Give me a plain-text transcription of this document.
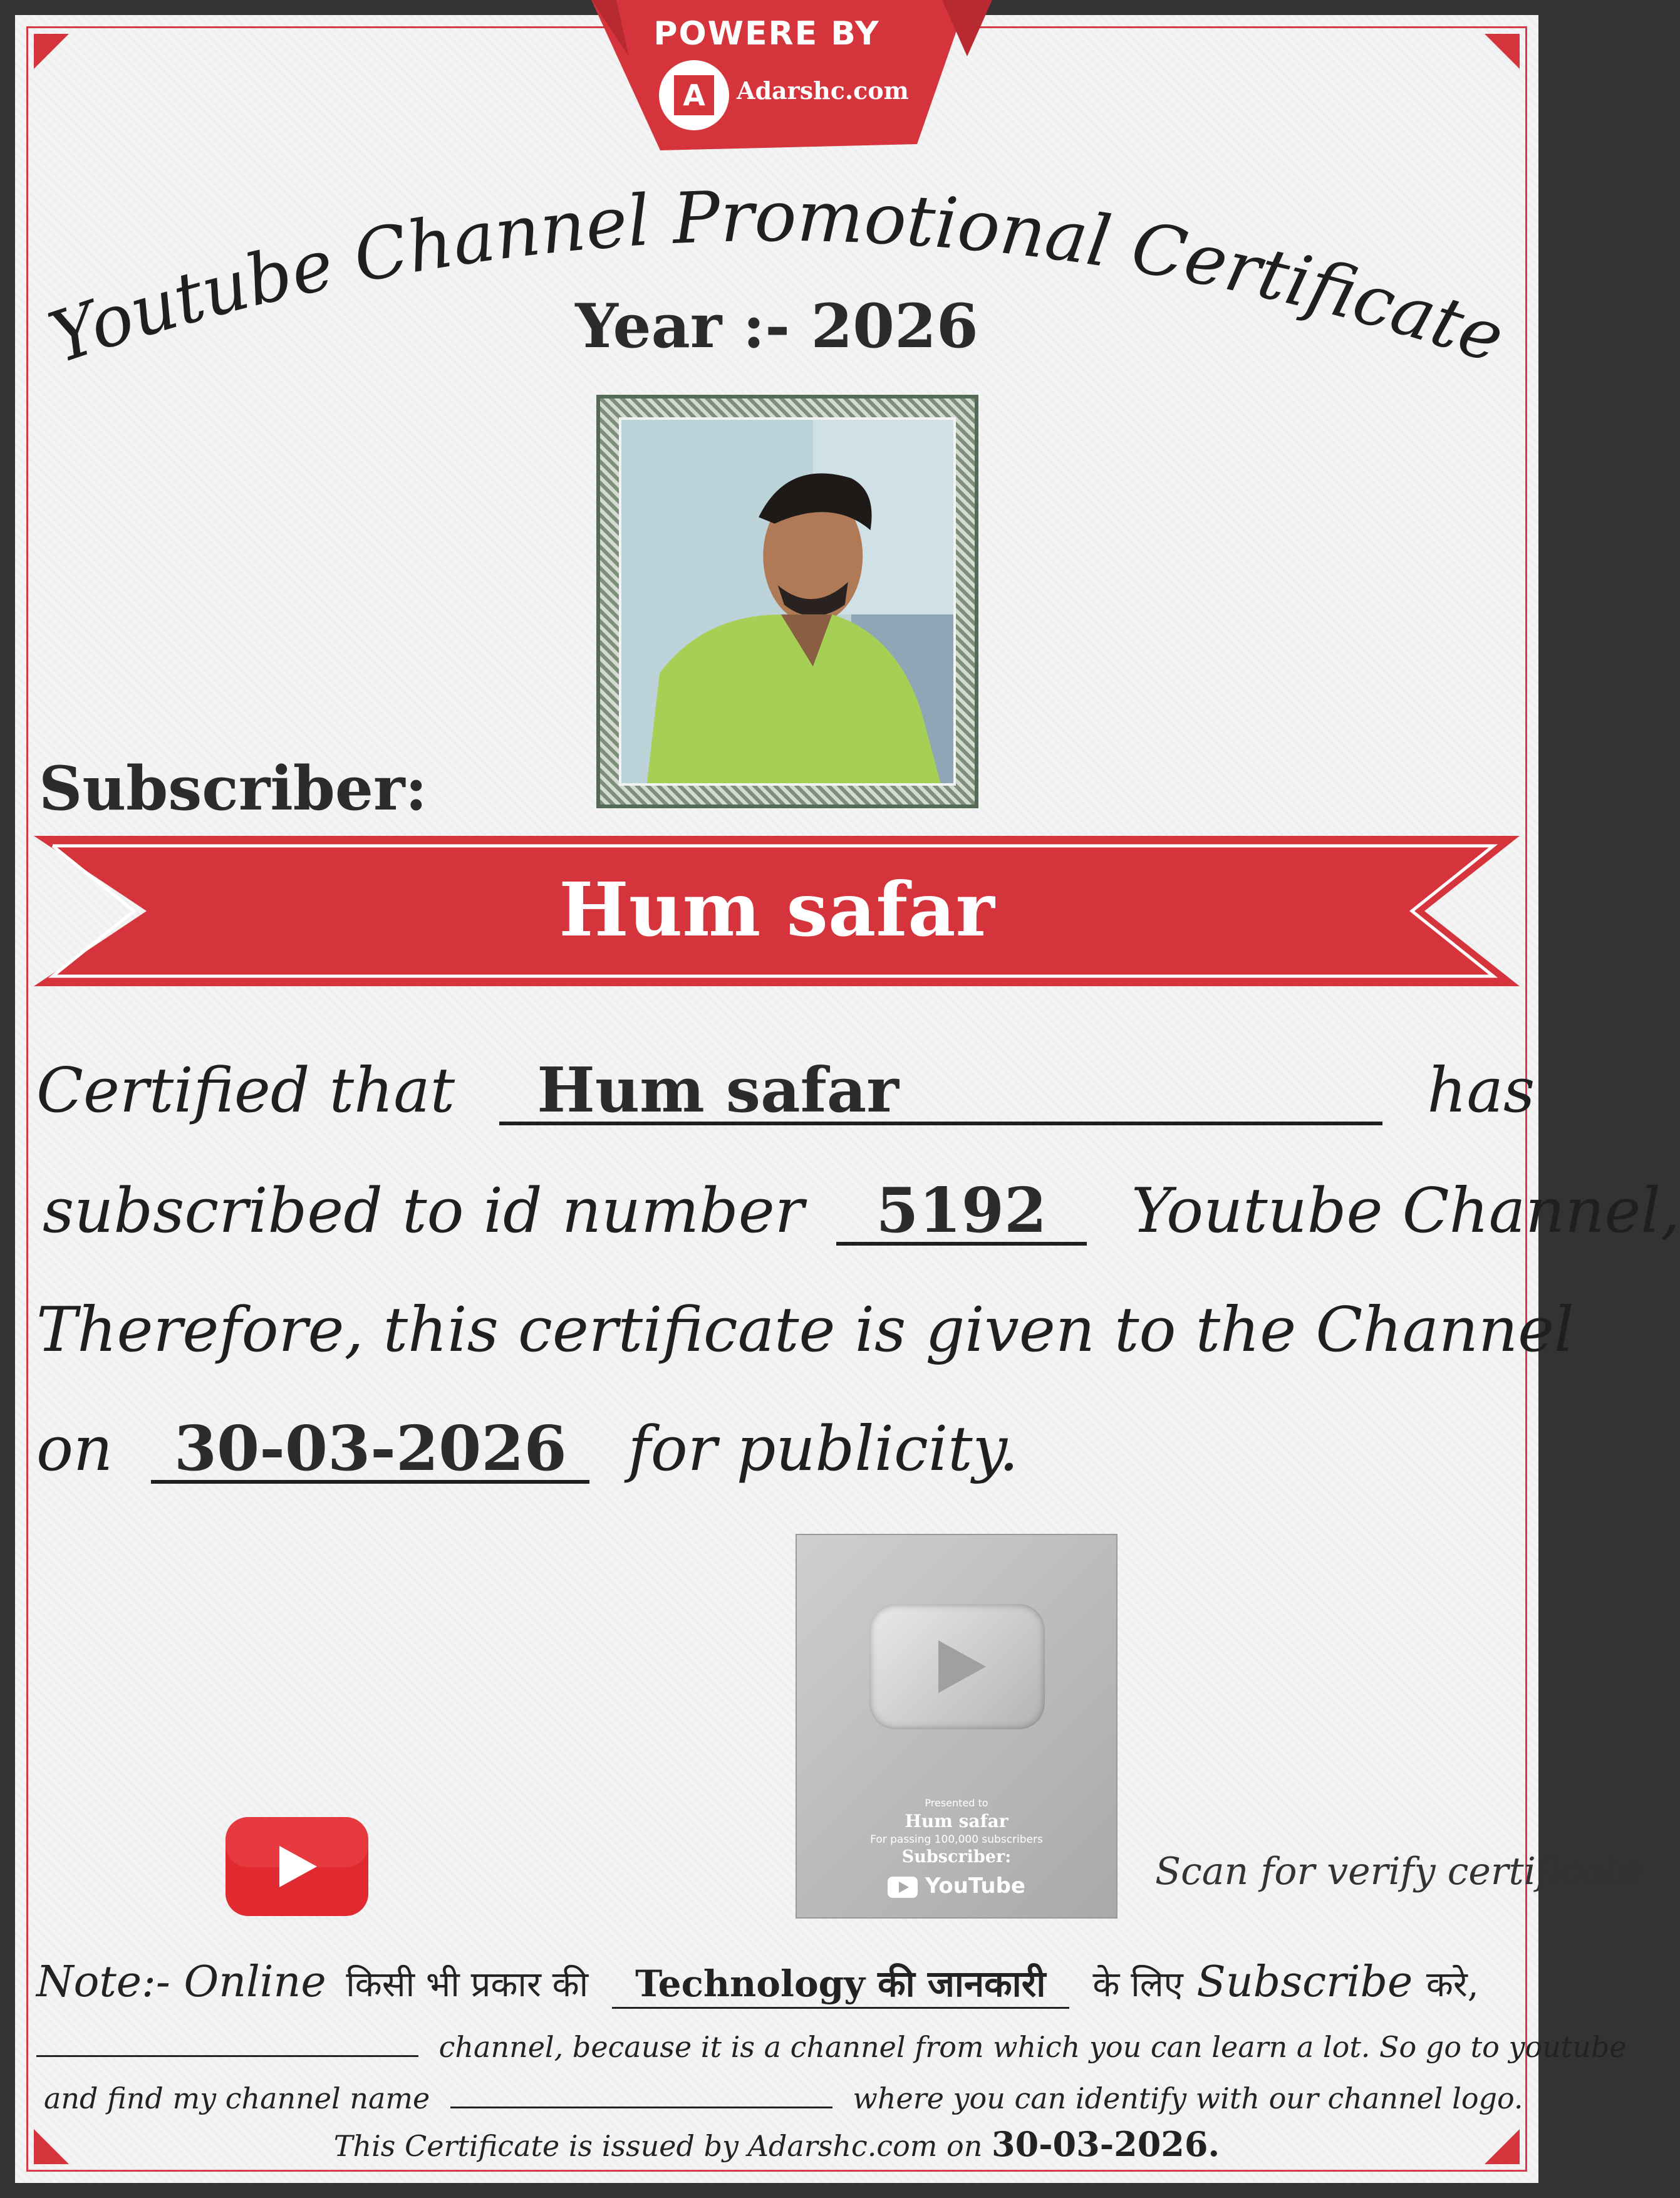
POWERE BY
A	Adarshc.com
Youtube Channel Promotional Certificate
Year :- 2026
Subscriber:
Hum safar
Certified that Hum safar	has
subscribed to id number 5192 Youtube Channel,
Therefore, this certificate is given to the Channel
on 30-03-2026 for publicity.
Presented to
Hum safar
For passing 100,000 subscribers
Subscriber:
YouTube	Scan for verify certificate
Note:- Online किसी भी प्रकार की Technology की जानकारी के लिए Subscribe करे,
channel, because it is a channel from which you can learn a lot. So go to youtube
and find my channel name	where you can identify with our channel logo.
This Certificate is issued by Adarshc.com on 30-03-2026.
